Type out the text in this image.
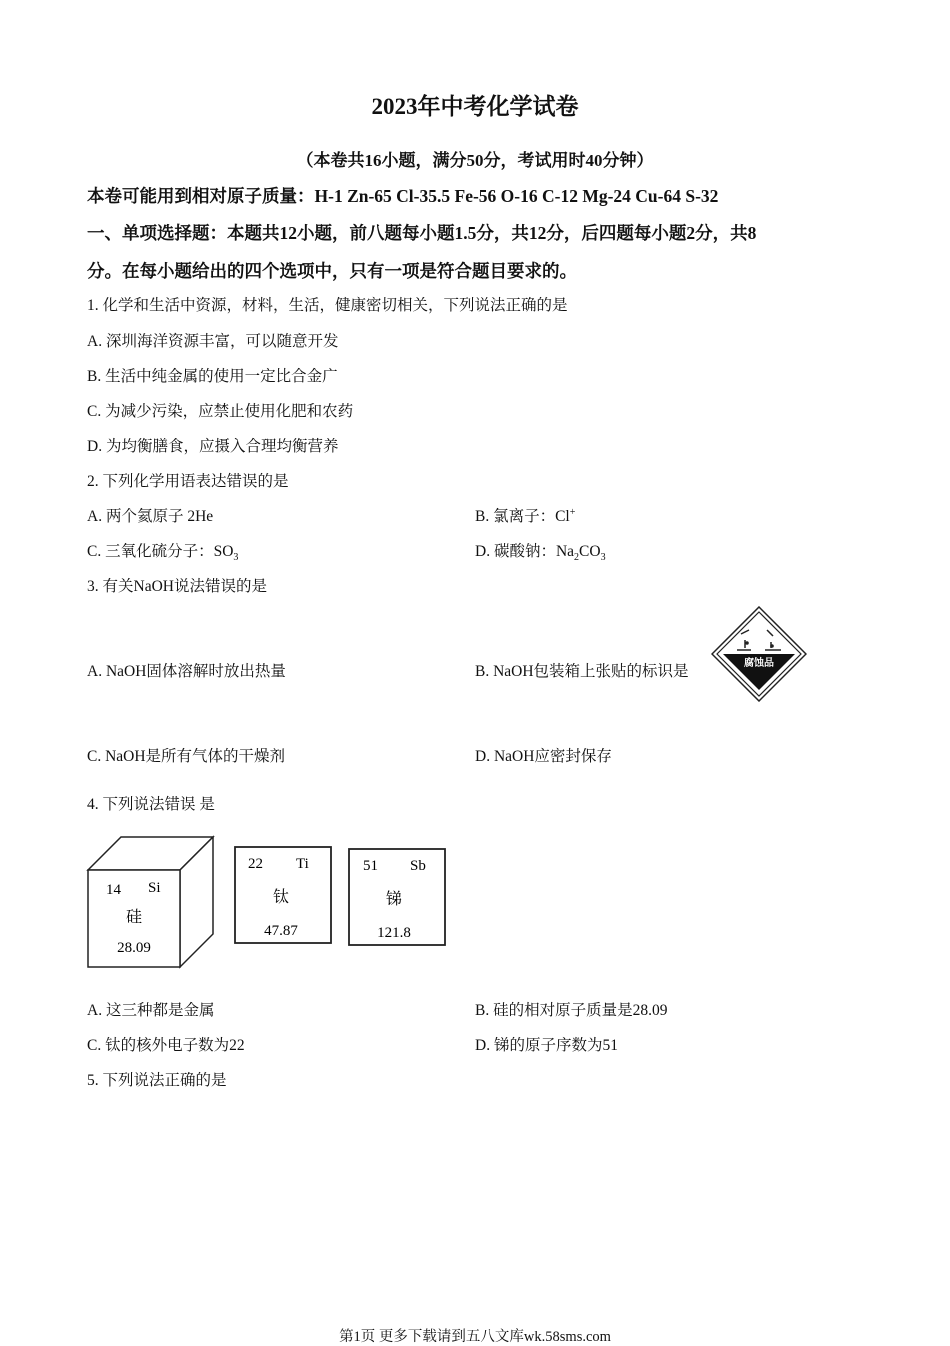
2023年中考化学试卷
（本卷共16小题，满分50分，考试用时40分钟）
本卷可能用到相对原子质量：H-1 Zn-65 Cl-35.5 Fe-56 O-16 C-12 Mg-24 Cu-64 S-32
一、单项选择题：本题共12小题，前八题每小题1.5分，共12分，后四题每小题2分，共8
分。在每小题给出的四个选项中，只有一项是符合题目要求的。
1. 化学和生活中资源，材料，生活，健康密切相关，下列说法正确的是
A. 深圳海洋资源丰富，可以随意开发
B. 生活中纯金属的使用一定比合金广
C. 为减少污染，应禁止使用化肥和农药
D. 为均衡膳食，应摄入合理均衡营养
2. 下列化学用语表达错误的是
A. 两个氦原子 2He	B. 氯离子：Cl+
C. 三氧化硫分子：$SO_3$	D. 碳酸钠：$Na_2CO_3$
3. 有关NaOH说法错误的是
A. NaOH固体溶解时放出热量	B. NaOH包装箱上张贴的标识是	腐蚀品
C. NaOH是所有气体的干燥剂	D. NaOH应密封保存
4. 下列说法错误 是
14 Si
硅
28.09
22 Ti
钛
47.87
51 Sb
锑
121.8
A. 这三种都是金属	B. 硅的相对原子质量是28.09
C. 钛的核外电子数为22	D. 锑的原子序数为51
5. 下列说法正确的是
第1页 更多下载请到五八文库wk.58sms.com
